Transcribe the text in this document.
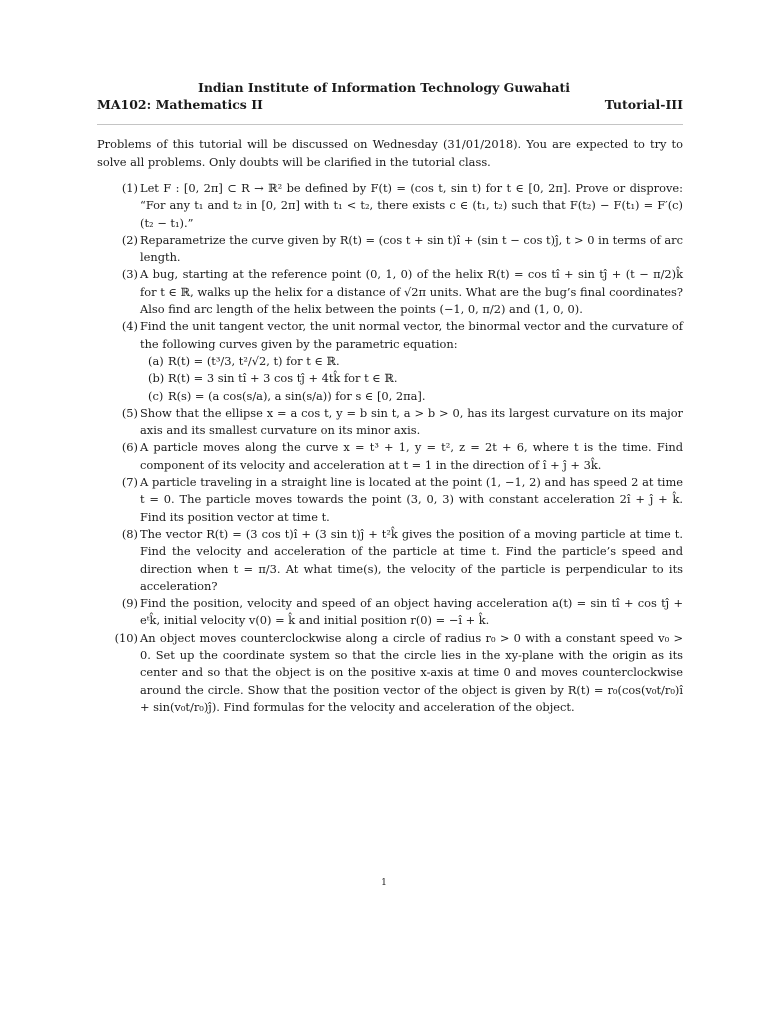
Indian Institute of Information Technology Guwahati
MA102: Mathematics II	Tutorial-III
Problems of this tutorial will be discussed on Wednesday (31/01/2018). You are expected to try to solve all problems. Only doubts will be clarified in the tutorial class.
(1) Let F : [0, 2π] ⊂ R → ℝ² be defined by F(t) = (cos t, sin t) for t ∈ [0, 2π]. Prove or disprove: “For any t₁ and t₂ in [0, 2π] with t₁ < t₂, there exists c ∈ (t₁, t₂) such that F(t₂) − F(t₁) = F′(c)(t₂ − t₁).”
(2) Reparametrize the curve given by R(t) = (cos t + sin t)î + (sin t − cos t)ĵ, t > 0 in terms of arc length.
(3) A bug, starting at the reference point (0, 1, 0) of the helix R(t) = cos tî + sin tĵ + (t − π/2)k̂ for t ∈ ℝ, walks up the helix for a distance of √2π units. What are the bug’s final coordinates? Also find arc length of the helix between the points (−1, 0, π/2) and (1, 0, 0).
(4) Find the unit tangent vector, the unit normal vector, the binormal vector and the curvature of the following curves given by the parametric equation:
(a) R(t) = (t³/3, t²/√2, t) for t ∈ ℝ.
(b) R(t) = 3 sin tî + 3 cos tĵ + 4tk̂ for t ∈ ℝ.
(c) R(s) = (a cos(s/a), a sin(s/a)) for s ∈ [0, 2πa].
(5) Show that the ellipse x = a cos t, y = b sin t, a > b > 0, has its largest curvature on its major axis and its smallest curvature on its minor axis.
(6) A particle moves along the curve x = t³ + 1, y = t², z = 2t + 6, where t is the time. Find component of its velocity and acceleration at t = 1 in the direction of î + ĵ + 3k̂.
(7) A particle traveling in a straight line is located at the point (1, −1, 2) and has speed 2 at time t = 0. The particle moves towards the point (3, 0, 3) with constant acceleration 2î + ĵ + k̂. Find its position vector at time t.
(8) The vector R(t) = (3 cos t)î + (3 sin t)ĵ + t²k̂ gives the position of a moving particle at time t. Find the velocity and acceleration of the particle at time t. Find the particle’s speed and direction when t = π/3. At what time(s), the velocity of the particle is perpendicular to its acceleration?
(9) Find the position, velocity and speed of an object having acceleration a(t) = sin tî + cos tĵ + eᵗk̂, initial velocity v(0) = k̂ and initial position r(0) = −î + k̂.
(10) An object moves counterclockwise along a circle of radius r₀ > 0 with a constant speed v₀ > 0. Set up the coordinate system so that the circle lies in the xy-plane with the origin as its center and so that the object is on the positive x-axis at time 0 and moves counterclockwise around the circle. Show that the position vector of the object is given by R(t) = r₀(cos(v₀t/r₀)î + sin(v₀t/r₀)ĵ). Find formulas for the velocity and acceleration of the object.
1
